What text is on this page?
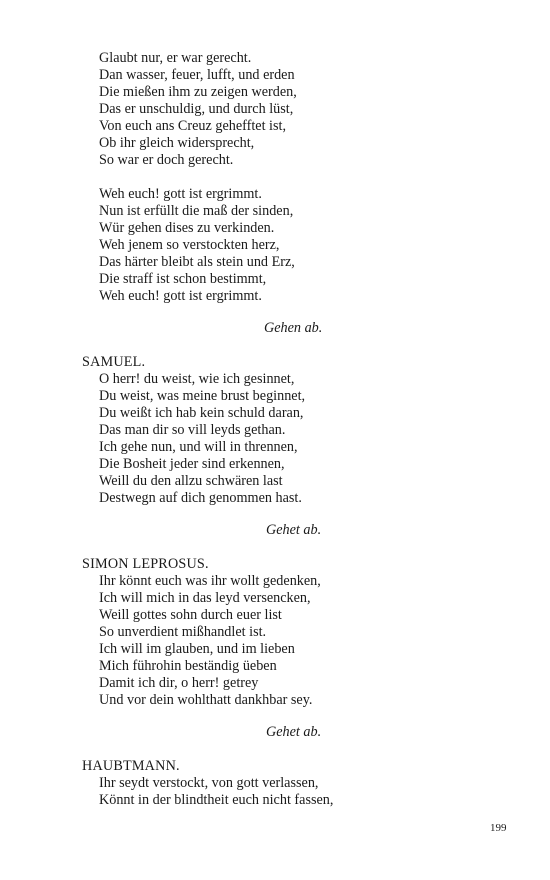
Glaubt nur, er war gerecht.
Dan wasser, feuer, lufft, und erden
Die mießen ihm zu zeigen werden,
Das er unschuldig, und durch lüst,
Von euch ans Creuz gehefftet ist,
Ob ihr gleich widersprecht,
So war er doch gerecht.
Weh euch! gott ist ergrimmt.
Nun ist erfüllt die maß der sinden,
Wür gehen dises zu verkinden.
Weh jenem so verstockten herz,
Das härter bleibt als stein und Erz,
Die straff ist schon bestimmt,
Weh euch! gott ist ergrimmt.
Gehen ab.
SAMUEL.
O herr! du weist, wie ich gesinnet,
Du weist, was meine brust beginnet,
Du weißt ich hab kein schuld daran,
Das man dir so vill leyds gethan.
Ich gehe nun, und will in thrennen,
Die Bosheit jeder sind erkennen,
Weill du den allzu schwären last
Destwegn auf dich genommen hast.
Gehet ab.
SIMON LEPROSUS.
Ihr könnt euch was ihr wollt gedenken,
Ich will mich in das leyd versencken,
Weill gottes sohn durch euer list
So unverdient mißhandlet ist.
Ich will im glauben, und im lieben
Mich führohin beständig üeben
Damit ich dir, o herr! getrey
Und vor dein wohlthatt dankhbar sey.
Gehet ab.
HAUBTMANN.
Ihr seydt verstockt, von gott verlassen,
Könnt in der blindtheit euch nicht fassen,
199
